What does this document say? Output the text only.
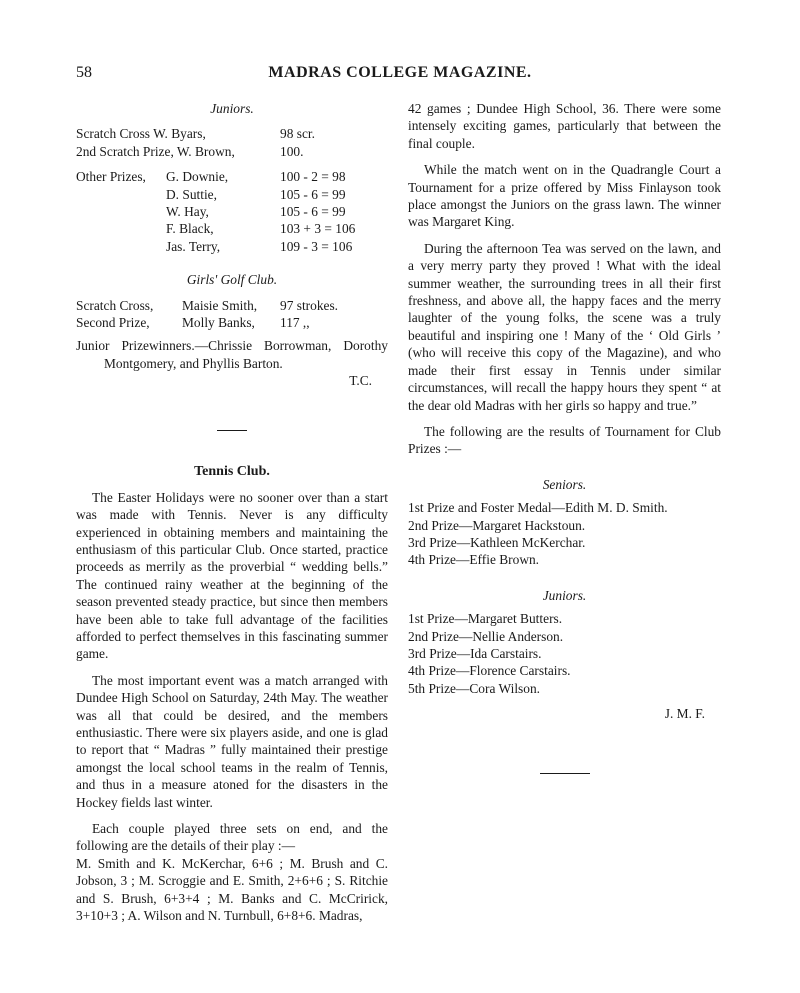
58	MADRAS COLLEGE MAGAZINE.
Juniors.
Scratch Cross W. Byars,	98 scr.
2nd Scratch Prize, W. Brown,	100.
Other Prizes,	G. Downie,	100 - 2 = 98
	D. Suttie,	105 - 6 = 99
	W. Hay,	105 - 6 = 99
	F. Black,	103 + 3 = 106
	Jas. Terry,	109 - 3 = 106
Girls' Golf Club.
Scratch Cross,	Maisie Smith,	97 strokes.
Second Prize,	Molly Banks,	117 ,,

Junior Prizewinners.—Chrissie Borrowman, Dorothy Montgomery, and Phyllis Barton.

T.C.

Tennis Club.

The Easter Holidays were no sooner over than a start was made with Tennis. Never is any difficulty experienced in obtaining members and maintaining the enthusiasm of this particular Club. Once started, practice proceeds as merrily as the proverbial “ wedding bells.” The continued rainy weather at the beginning of the season prevented steady practice, but since then members have been able to take full advantage of the facilities afforded to perfect themselves in this fascinating summer game.

The most important event was a match arranged with Dundee High School on Saturday, 24th May. The weather was all that could be desired, and the members enthusiastic. There were six players aside, and one is glad to report that “ Madras ” fully maintained their prestige amongst the local school teams in the realm of Tennis, and thus in a measure atoned for the disasters in the Hockey fields last winter.

Each couple played three sets on end, and the following are the details of their play :—

M. Smith and K. McKerchar, 6+6 ; M. Brush and C. Jobson, 3 ; M. Scroggie and E. Smith, 2+6+6 ; S. Ritchie and S. Brush, 6+3+4 ; M. Banks and C. McCririck, 3+10+3 ; A. Wilson and N. Turnbull, 6+8+6. Madras,

42 games ; Dundee High School, 36. There were some intensely exciting games, particularly that between the final couple.

While the match went on in the Quadrangle Court a Tournament for a prize offered by Miss Finlayson took place amongst the Juniors on the grass lawn. The winner was Margaret King.

During the afternoon Tea was served on the lawn, and a very merry party they proved ! What with the ideal summer weather, the surrounding trees in all their first freshness, and above all, the happy faces and the merry laughter of the young folks, the scene was a truly beautiful and inspiring one ! Many of the ‘ Old Girls ’ (who will receive this copy of the Magazine), and who made their first essay in Tennis under similar circumstances, will recall the happy hours they spent “ at the dear old Madras with her girls so happy and true.”

The following are the results of Tournament for Club Prizes :—

Seniors.

1st Prize and Foster Medal—Edith M. D. Smith.

2nd Prize—Margaret Hackstoun.

3rd Prize—Kathleen McKerchar.

4th Prize—Effie Brown.

Juniors.

1st Prize—Margaret Butters.

2nd Prize—Nellie Anderson.

3rd Prize—Ida Carstairs.

4th Prize—Florence Carstairs.

5th Prize—Cora Wilson.

J. M. F.
